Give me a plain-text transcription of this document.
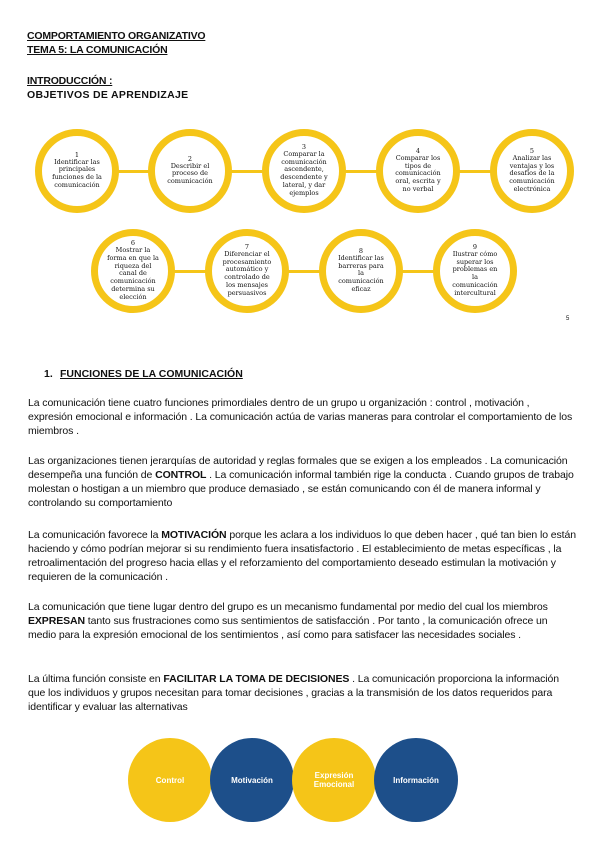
COMPORTAMIENTO ORGANIZATIVO
TEMA 5: LA COMUNICACIÓN
INTRODUCCIÓN :
OBJETIVOS DE APRENDIZAJE
1
Identificar las principales funciones de la comunicación
2
Describir el proceso de comunicación
3
Comparar la comunicación ascendente, descendente y lateral, y dar ejemplos
4
Comparar los tipos de comunicación oral, escrita y no verbal
5
Analizar las ventajas y los desafíos de la comunicación electrónica
6
Mostrar la forma en que la riqueza del canal de comunicación determina su elección
7
Diferenciar el procesamiento automático y controlado de los mensajes persuasivos
8
Identificar las barreras para la comunicación eficaz
9
Ilustrar cómo superar los problemas en la comunicación intercultural
5
1. FUNCIONES DE LA COMUNICACIÓN
La comunicación tiene cuatro funciones primordiales dentro de un grupo u organización : control , motivación , expresión emocional e información . La comunicación actúa de varias maneras para controlar el comportamiento de los miembros .
Las organizaciones tienen jerarquías de autoridad y reglas formales que se exigen a los empleados . La comunicación desempeña una función de CONTROL . La comunicación informal también rige la conducta . Cuando grupos de trabajo molestan o hostigan a un miembro que produce demasiado , se están comunicando con él de manera informal y controlando su comportamiento
La comunicación favorece la MOTIVACIÓN porque les aclara a los individuos lo que deben hacer , qué tan bien lo están haciendo y cómo podrían mejorar si su rendimiento fuera insatisfactorio . El establecimiento de metas específicas , la retroalimentación del progreso hacia ellas y el reforzamiento del comportamiento deseado estimulan la motivación y requieren de la comunicación .
La comunicación que tiene lugar dentro del grupo es un mecanismo fundamental por medio del cual los miembros EXPRESAN tanto sus frustraciones como sus sentimientos de satisfacción . Por tanto , la comunicación ofrece un medio para la expresión emocional de los sentimientos , así como para satisfacer las necesidades sociales .
La última función consiste en FACILITAR LA TOMA DE DECISIONES . La comunicación proporciona la información que los individuos y grupos necesitan para tomar decisiones , gracias a la transmisión de los datos requeridos para identificar y evaluar las alternativas
Control	Motivación	Expresión Emocional	Información
